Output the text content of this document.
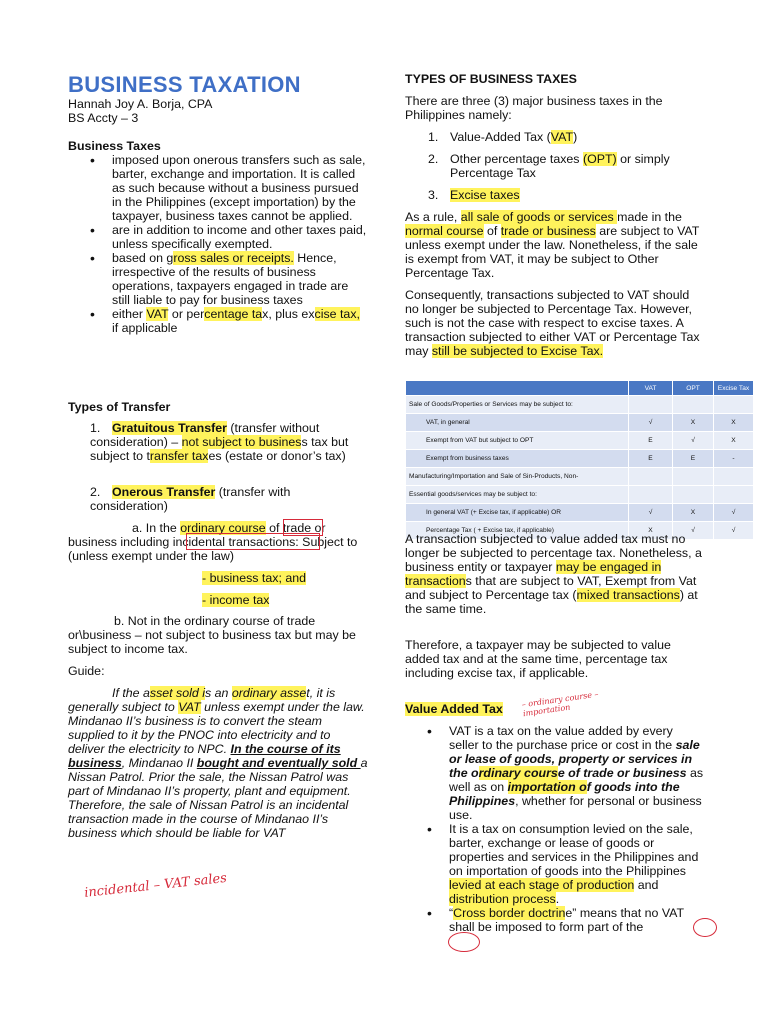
BUSINESS TAXATION
Hannah Joy A. Borja, CPA
BS Accty – 3
Business Taxes
• imposed upon onerous transfers such as sale, barter, exchange and importation. It is called as such because without a business pursued in the Philippines (except importation) by the taxpayer, business taxes cannot be applied.
• are in addition to income and other taxes paid, unless specifically exempted.
• based on gross sales or receipts. Hence, irrespective of the results of business operations, taxpayers engaged in trade are still liable to pay for business taxes
• either VAT or percentage tax, plus excise tax, if applicable
Types of Transfer
1. Gratuitous Transfer (transfer without consideration) – not subject to business tax but subject to transfer taxes (estate or donor’s tax)
2. Onerous Transfer (transfer with consideration)
a. In the ordinary course of trade or business including incidental transactions: Subject to (unless exempt under the law)
- business tax; and
- income tax
b. Not in the ordinary course of trade or\business – not subject to business tax but may be subject to income tax.
Guide:
If the asset sold is an ordinary asset, it is generally subject to VAT unless exempt under the law. Mindanao II’s business is to convert the steam supplied to it by the PNOC into electricity and to deliver the electricity to NPC. In the course of its business, Mindanao II bought and eventually sold a Nissan Patrol. Prior the sale, the Nissan Patrol was part of Mindanao II’s property, plant and equipment. Therefore, the sale of Nissan Patrol is an incidental transaction made in the course of Mindanao II’s business which should be liable for VAT
incidental – VAT sales
TYPES OF BUSINESS TAXES
There are three (3) major business taxes in the Philippines namely:
1. Value-Added Tax (VAT)
2. Other percentage taxes (OPT) or simply Percentage Tax
3. Excise taxes
As a rule, all sale of goods or services made in the normal course of trade or business are subject to VAT unless exempt under the law. Nonetheless, if the sale is exempt from VAT, it may be subject to Other Percentage Tax.
Consequently, transactions subjected to VAT should no longer be subjected to Percentage Tax. However, such is not the case with respect to excise taxes. A transaction subjected to either VAT or Percentage Tax may still be subjected to Excise Tax.
	VAT	OPT	Excise Tax
Sale of Goods/Properties or Services may be subject to:			
VAT, in general	√	X	X
Exempt from VAT but subject to OPT	E	√	X
Exempt from business taxes	E	E	-
Manufacturing/Importation and Sale of Sin-Products, Non-			
Essential goods/services may be subject to:			
In general VAT (+ Excise tax, if applicable) OR	√	X	√
Percentage Tax ( + Excise tax, if applicable)	X	√	√
A transaction subjected to value added tax must no longer be subjected to percentage tax. Nonetheless, a business entity or taxpayer may be engaged in transactions that are subject to VAT, Exempt from Vat and subject to Percentage tax (mixed transactions) at the same time.
Therefore, a taxpayer may be subjected to value added tax and at the same time, percentage tax including excise tax, if applicable.
Value Added Tax – ordinary course – importation
• VAT is a tax on the value added by every seller to the purchase price or cost in the sale or lease of goods, property or services in the ordinary course of trade or business as well as on importation of goods into the Philippines, whether for personal or business use.
• It is a tax on consumption levied on the sale, barter, exchange or lease of goods or properties and services in the Philippines and on importation of goods into the Philippines levied at each stage of production and distribution process.
• “Cross border doctrine” means that no VAT shall be imposed to form part of the
